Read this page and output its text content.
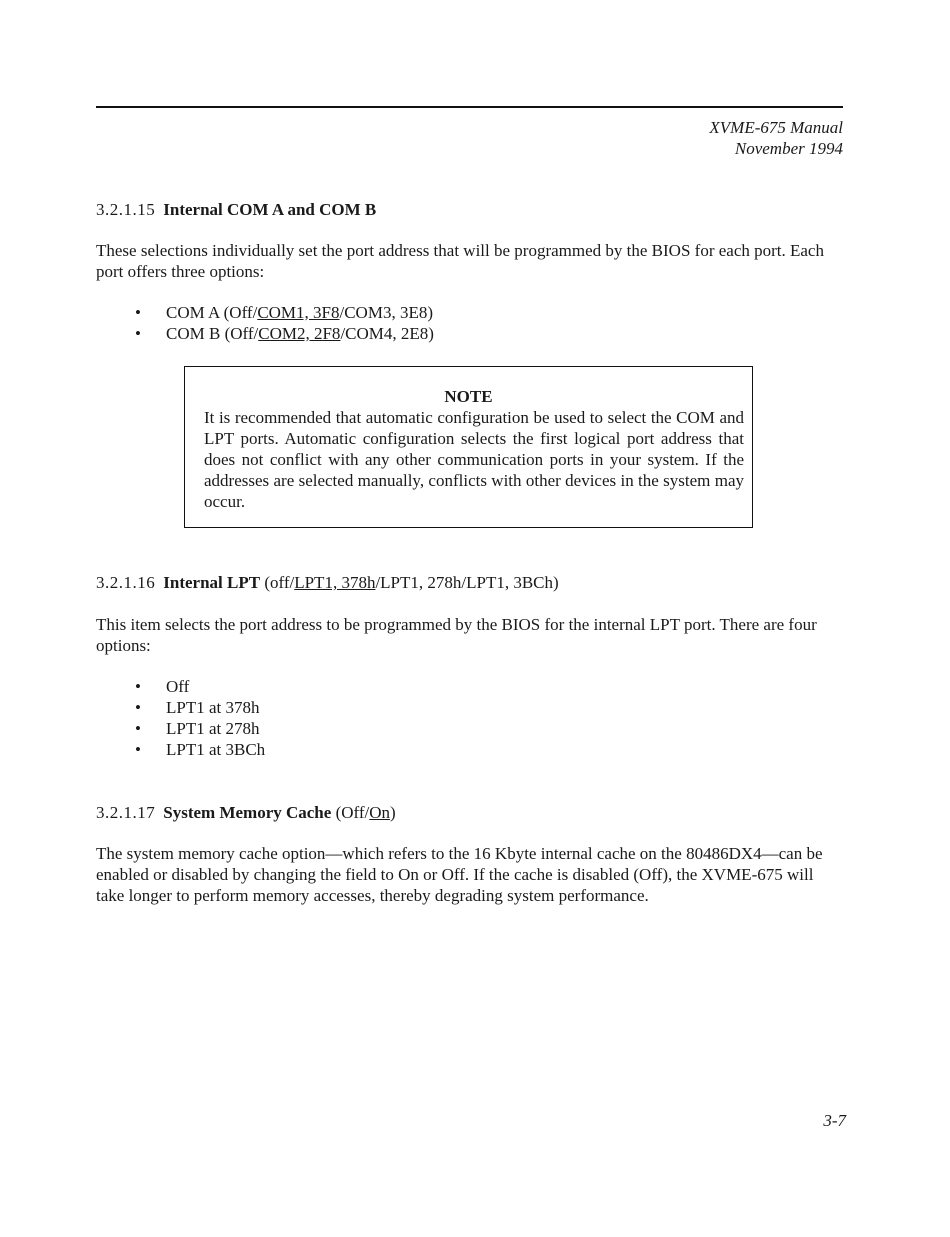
XVME-675 Manual
November 1994
3.2.1.15 Internal COM A and COM B

These selections individually set the port address that will be programmed by the BIOS for each port. Each port offers three options:

• COM A (Off/COM1, 3F8/COM3, 3E8)
• COM B (Off/COM2, 2F8/COM4, 2E8)
NOTE

It is recommended that automatic configuration be used to select the COM and LPT ports. Automatic configuration selects the first logical port address that does not conflict with any other communication ports in your system. If the addresses are selected manually, conflicts with other devices in the system may occur.

3.2.1.16 Internal LPT (off/LPT1, 378h/LPT1, 278h/LPT1, 3BCh)

This item selects the port address to be programmed by the BIOS for the internal LPT port. There are four options:

• Off
• LPT1 at 378h
• LPT1 at 278h
• LPT1 at 3BCh
3.2.1.17 System Memory Cache (Off/On)

The system memory cache option—which refers to the 16 Kbyte internal cache on the 80486DX4—can be enabled or disabled by changing the field to On or Off. If the cache is disabled (Off), the XVME-675 will take longer to perform memory accesses, thereby degrading system performance.

3-7
